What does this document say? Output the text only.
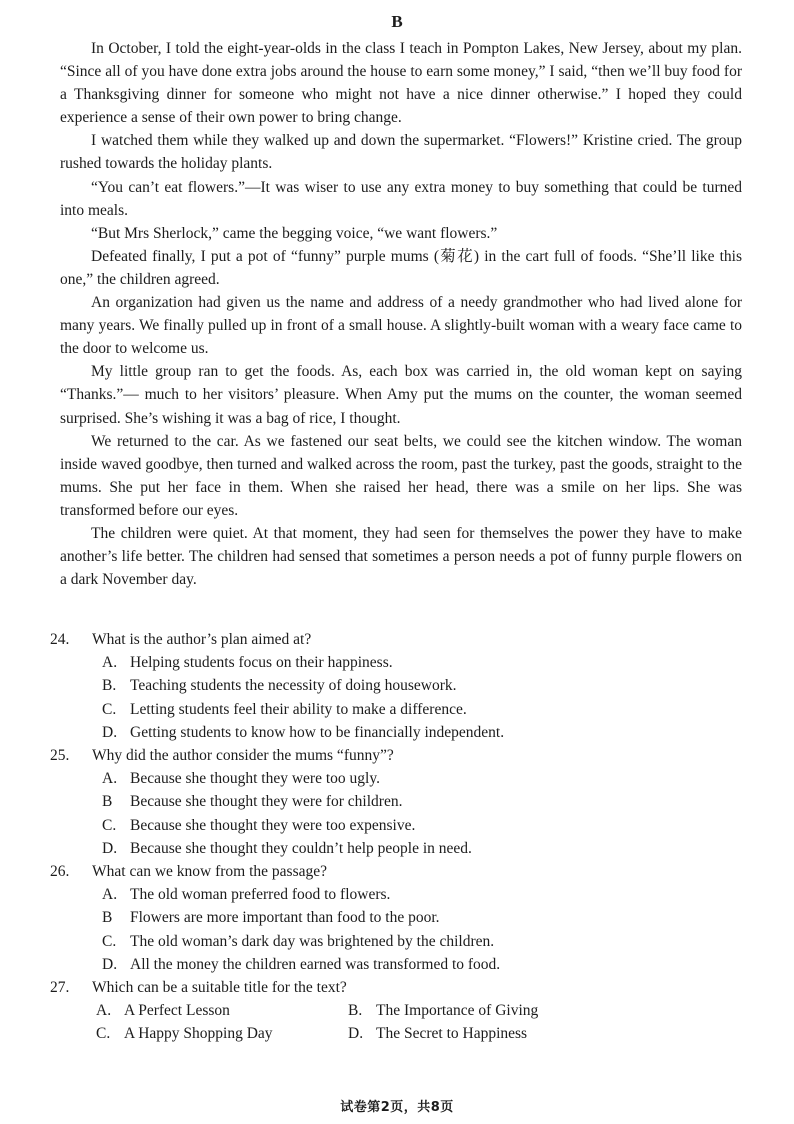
B

In October, I told the eight-year-olds in the class I teach in Pompton Lakes, New Jersey, about my plan. “Since all of you have done extra jobs around the house to earn some money,” I said, “then we’ll buy food for a Thanksgiving dinner for someone who might not have a nice dinner otherwise.” I hoped they could experience a sense of their own power to bring change.

I watched them while they walked up and down the supermarket. “Flowers!” Kristine cried. The group rushed towards the holiday plants.

“You can’t eat flowers.”—It was wiser to use any extra money to buy something that could be turned into meals.

“But Mrs Sherlock,” came the begging voice, “we want flowers.”

Defeated finally, I put a pot of “funny” purple mums (菊花) in the cart full of foods. “She’ll like this one,” the children agreed.

An organization had given us the name and address of a needy grandmother who had lived alone for many years. We finally pulled up in front of a small house. A slightly-built woman with a weary face came to the door to welcome us.

My little group ran to get the foods. As, each box was carried in, the old woman kept on saying “Thanks.”— much to her visitors’ pleasure. When Amy put the mums on the counter, the woman seemed surprised. She’s wishing it was a bag of rice, I thought.

We returned to the car. As we fastened our seat belts, we could see the kitchen window. The woman inside waved goodbye, then turned and walked across the room, past the turkey, past the goods, straight to the mums. She put her face in them. When she raised her head, there was a smile on her lips. She was transformed before our eyes.

The children were quiet. At that moment, they had seen for themselves the power they have to make another’s life better. The children had sensed that sometimes a person needs a pot of funny purple flowers on a dark November day.

24.	What is the author’s plan aimed at?
A. Helping students focus on their happiness.
B. Teaching students the necessity of doing housework.
C. Letting students feel their ability to make a difference.
D. Getting students to know how to be financially independent.
25.	Why did the author consider the mums “funny”?
A. Because she thought they were too ugly.
B	Because she thought they were for children.
C. Because she thought they were too expensive.
D. Because she thought they couldn’t help people in need.
26.	What can we know from the passage?
A. The old woman preferred food to flowers.
B	Flowers are more important than food to the poor.
C. The old woman’s dark day was brightened by the children.
D. All the money the children earned was transformed to food.
27.	Which can be a suitable title for the text?
A. A Perfect Lesson	B. The Importance of Giving
C. A Happy Shopping Day	D. The Secret to Happiness
试卷第2页，共8页
